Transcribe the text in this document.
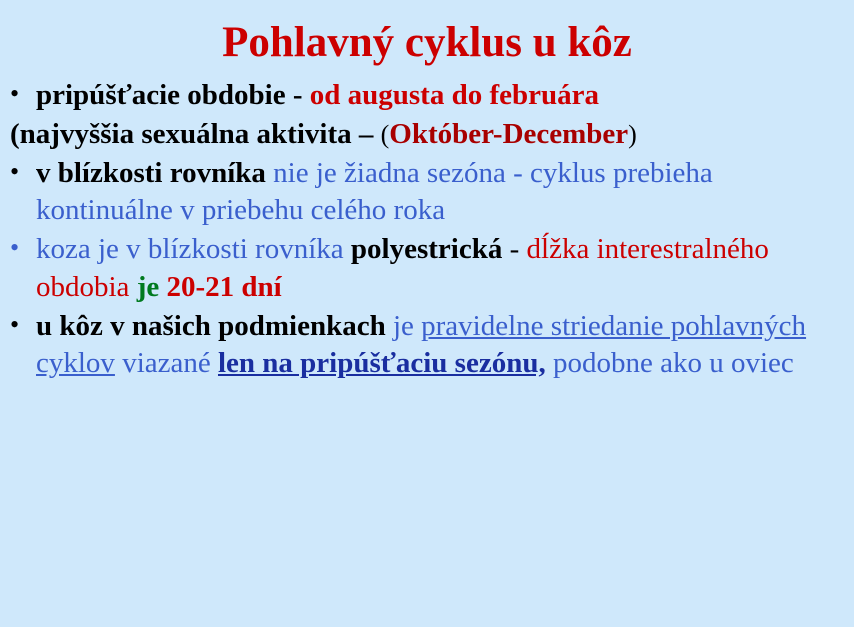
Pohlavný cyklus u kôz
• pripúšťacie obdobie - od augusta do februára
(najvyššia sexuálna aktivita – (Október-December)
• v blízkosti rovníka nie je žiadna sezóna - cyklus prebieha kontinuálne v priebehu celého roka
• koza je v blízkosti rovníka polyestrická - dĺžka interestralného obdobia je 20-21 dní
• u kôz v našich podmienkach je pravidelne striedanie pohlavných cyklov viazané len na pripúšťaciu sezónu, podobne ako u oviec
